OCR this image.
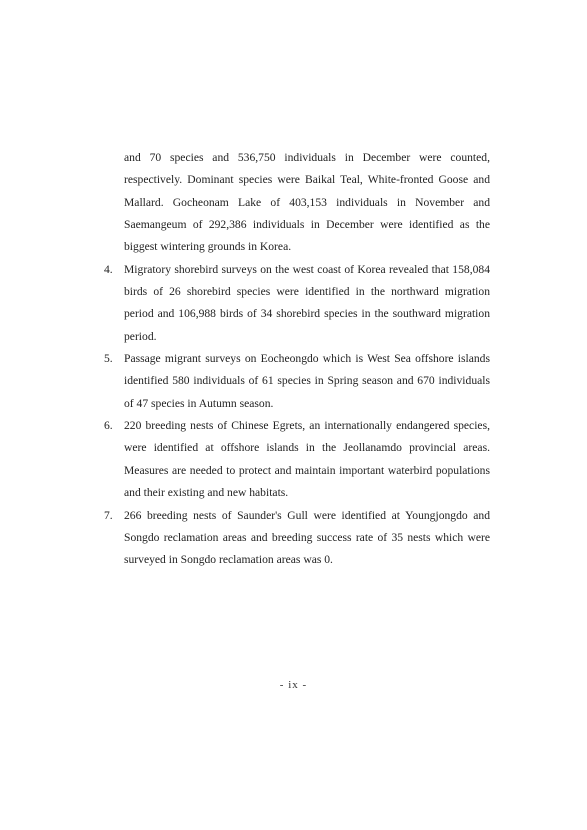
and 70 species and 536,750 individuals in December were counted, respectively. Dominant species were Baikal Teal, White-fronted Goose and Mallard. Gocheonam Lake of 403,153 individuals in November and Saemangeum of 292,386 individuals in December were identified as the biggest wintering grounds in Korea.

4. Migratory shorebird surveys on the west coast of Korea revealed that 158,084 birds of 26 shorebird species were identified in the northward migration period and 106,988 birds of 34 shorebird species in the southward migration period.
5. Passage migrant surveys on Eocheongdo which is West Sea offshore islands identified 580 individuals of 61 species in Spring season and 670 individuals of 47 species in Autumn season.
6. 220 breeding nests of Chinese Egrets, an internationally endangered species, were identified at offshore islands in the Jeollanamdo provincial areas. Measures are needed to protect and maintain important waterbird populations and their existing and new habitats.
7. 266 breeding nests of Saunder's Gull were identified at Youngjongdo and Songdo reclamation areas and breeding success rate of 35 nests which were surveyed in Songdo reclamation areas was 0.
- ix -
